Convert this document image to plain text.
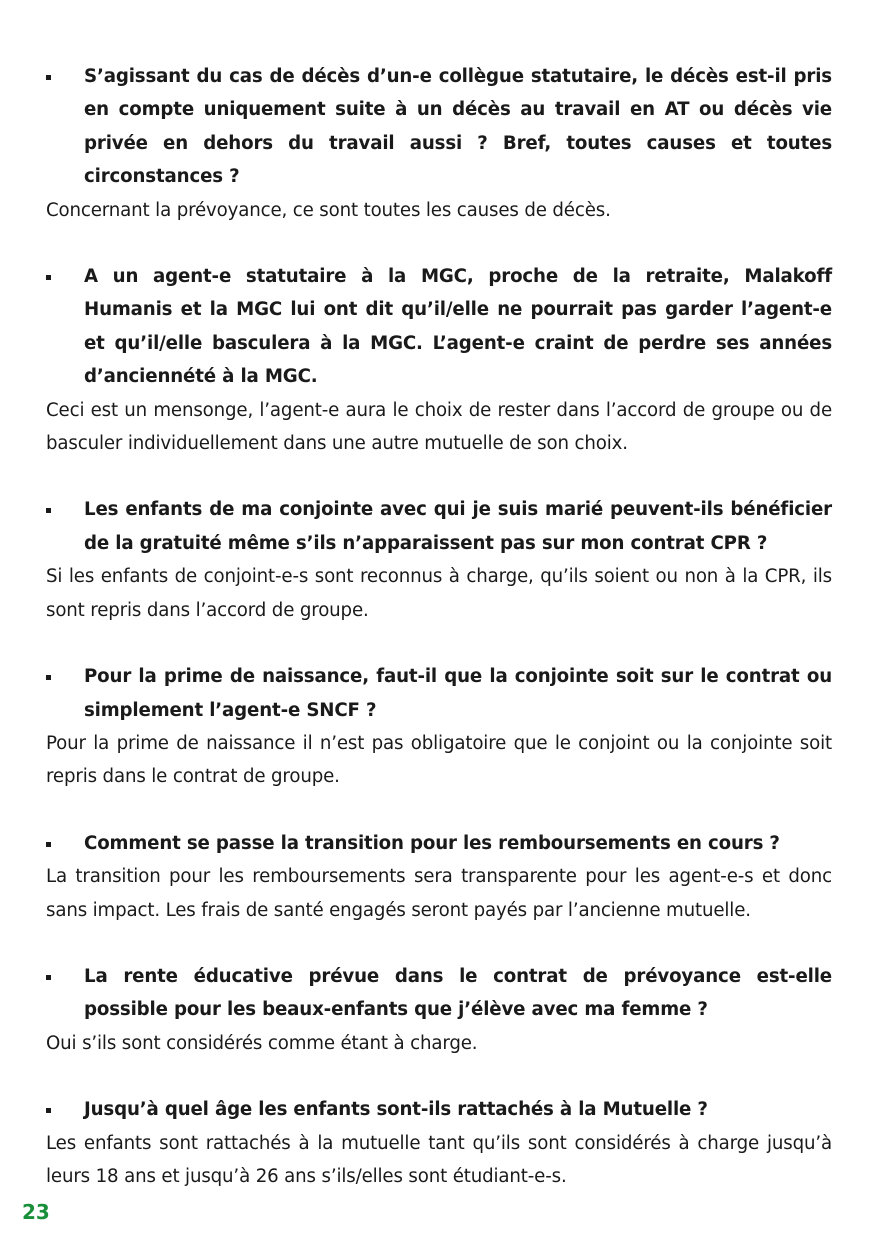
S’agissant du cas de décès d’un-e collègue statutaire, le décès est-il pris en compte uniquement suite à un décès au travail en AT ou décès vie privée en dehors du travail aussi ? Bref, toutes causes et toutes circonstances ?
Concernant la prévoyance, ce sont toutes les causes de décès.
A un agent-e statutaire à la MGC, proche de la retraite, Malakoff Humanis et la MGC lui ont dit qu’il/elle ne pourrait pas garder l’agent-e et qu’il/elle basculera à la MGC. L’agent-e craint de perdre ses années d’anciennété à la MGC.
Ceci est un mensonge, l’agent-e aura le choix de rester dans l’accord de groupe ou de basculer individuellement dans une autre mutuelle de son choix.
Les enfants de ma conjointe avec qui je suis marié peuvent-ils bénéficier de la gratuité même s’ils n’apparaissent pas sur mon contrat CPR ?
Si les enfants de conjoint-e-s sont reconnus à charge, qu’ils soient ou non à la CPR, ils sont repris dans l’accord de groupe.
Pour la prime de naissance, faut-il que la conjointe soit sur le contrat ou simplement l’agent-e SNCF ?
Pour la prime de naissance il n’est pas obligatoire que le conjoint ou la conjointe soit repris dans le contrat de groupe.
Comment se passe la transition pour les remboursements en cours ?
La transition pour les remboursements sera transparente pour les agent-e-s et donc sans impact. Les frais de santé engagés seront payés par l’ancienne mutuelle.
La rente éducative prévue dans le contrat de prévoyance est-elle possible pour les beaux-enfants que j’élève avec ma femme ?
Oui s’ils sont considérés comme étant à charge.
Jusqu’à quel âge les enfants sont-ils rattachés à la Mutuelle ?
Les enfants sont rattachés à la mutuelle tant qu’ils sont considérés à charge jusqu’à leurs 18 ans et jusqu’à 26 ans s’ils/elles sont étudiant-e-s.
23
